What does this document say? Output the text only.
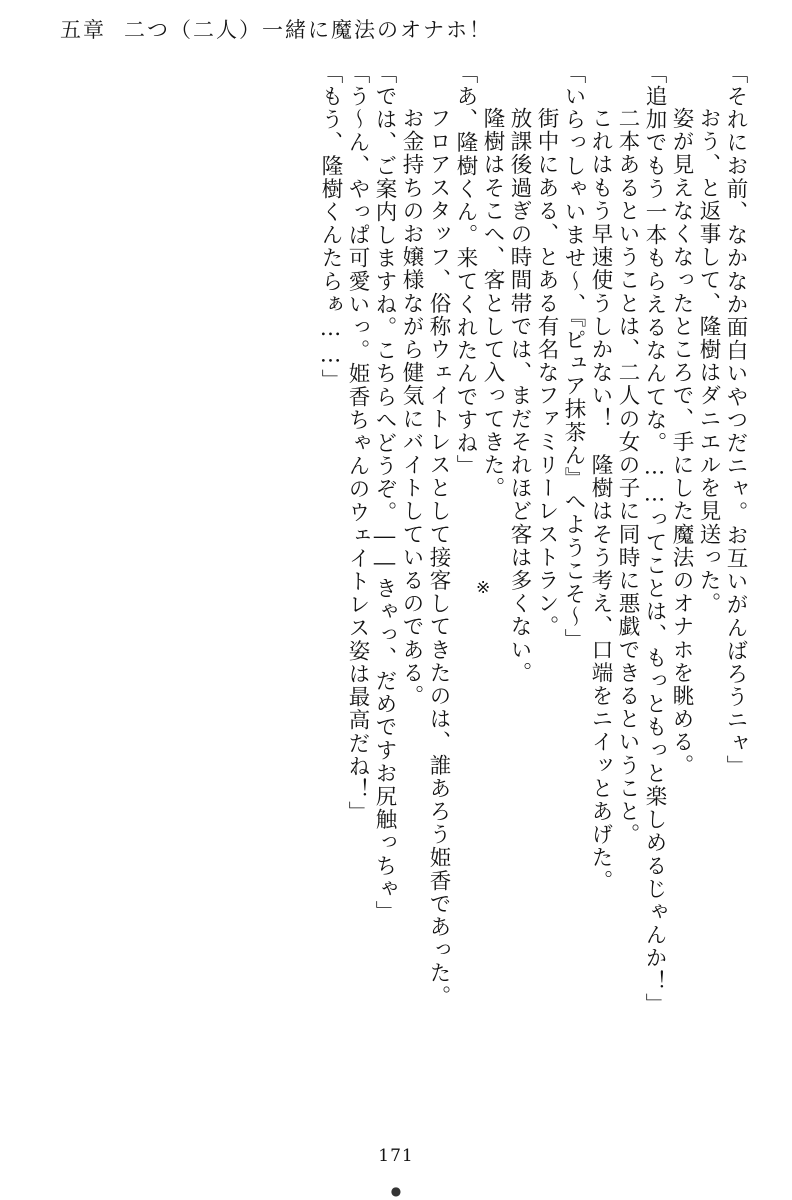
五章 二つ（二人）一緒に魔法のオナホ！
「それにお前、なかなか面白いやつだニャ。お互いがんばろうニャ」
　おう、と返事して、隆樹はダニエルを見送った。
　姿が見えなくなったところで、手にした魔法のオナホを眺める。
「追加でもう一本もらえるなんてな。……ってことは、もっともっと楽しめるじゃんか！」
　二本あるということは、二人の女の子に同時に悪戯できるということ。
　これはもう早速使うしかない！　隆樹はそう考え、口端をニイッとあげた。
「いらっしゃいませ～、『ピュア抹茶ん』へようこそ～」
　街中にある、とある有名なファミリーレストラン。
　放課後過ぎの時間帯では、まだそれほど客は多くない。
　隆樹はそこへ、客として入ってきた。
「あ、隆樹くん。来てくれたんですね」
　フロアスタッフ、俗称ウェイトレスとして接客してきたのは、誰あろう姫香であった。
　お金持ちのお嬢様ながら健気にバイトしているのである。
「では、ご案内しますね。こちらへどうぞ。――きゃっ、だめですお尻触っちゃ」
「う～ん、やっぱ可愛いっ。姫香ちゃんのウェイトレス姿は最高だね！」
「もう、隆樹くんたらぁ……」
※
171
●
